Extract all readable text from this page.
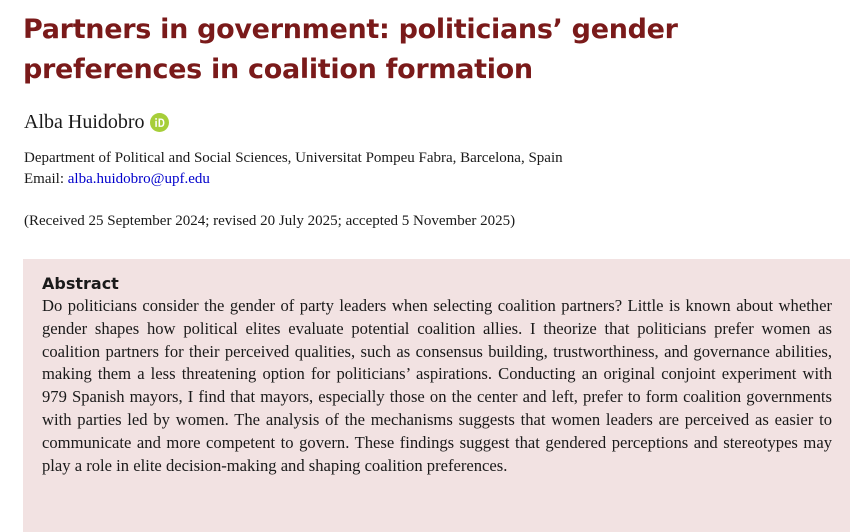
Partners in government: politicians’ gender preferences in coalition formation
Alba Huidobro
Department of Political and Social Sciences, Universitat Pompeu Fabra, Barcelona, Spain
Email: alba.huidobro@upf.edu
(Received 25 September 2024; revised 20 July 2025; accepted 5 November 2025)
Abstract

Do politicians consider the gender of party leaders when selecting coalition partners? Little is known about whether gender shapes how political elites evaluate potential coalition allies. I theorize that politicians prefer women as coalition partners for their perceived qualities, such as consensus building, trustworthiness, and governance abilities, making them a less threatening option for politicians’ aspirations. Conducting an original conjoint experiment with 979 Spanish mayors, I find that mayors, especially those on the center and left, prefer to form coalition governments with parties led by women. The analysis of the mechanisms suggests that women leaders are perceived as easier to communicate and more competent to govern. These findings suggest that gendered perceptions and stereotypes may play a role in elite decision-making and shaping coalition preferences.
